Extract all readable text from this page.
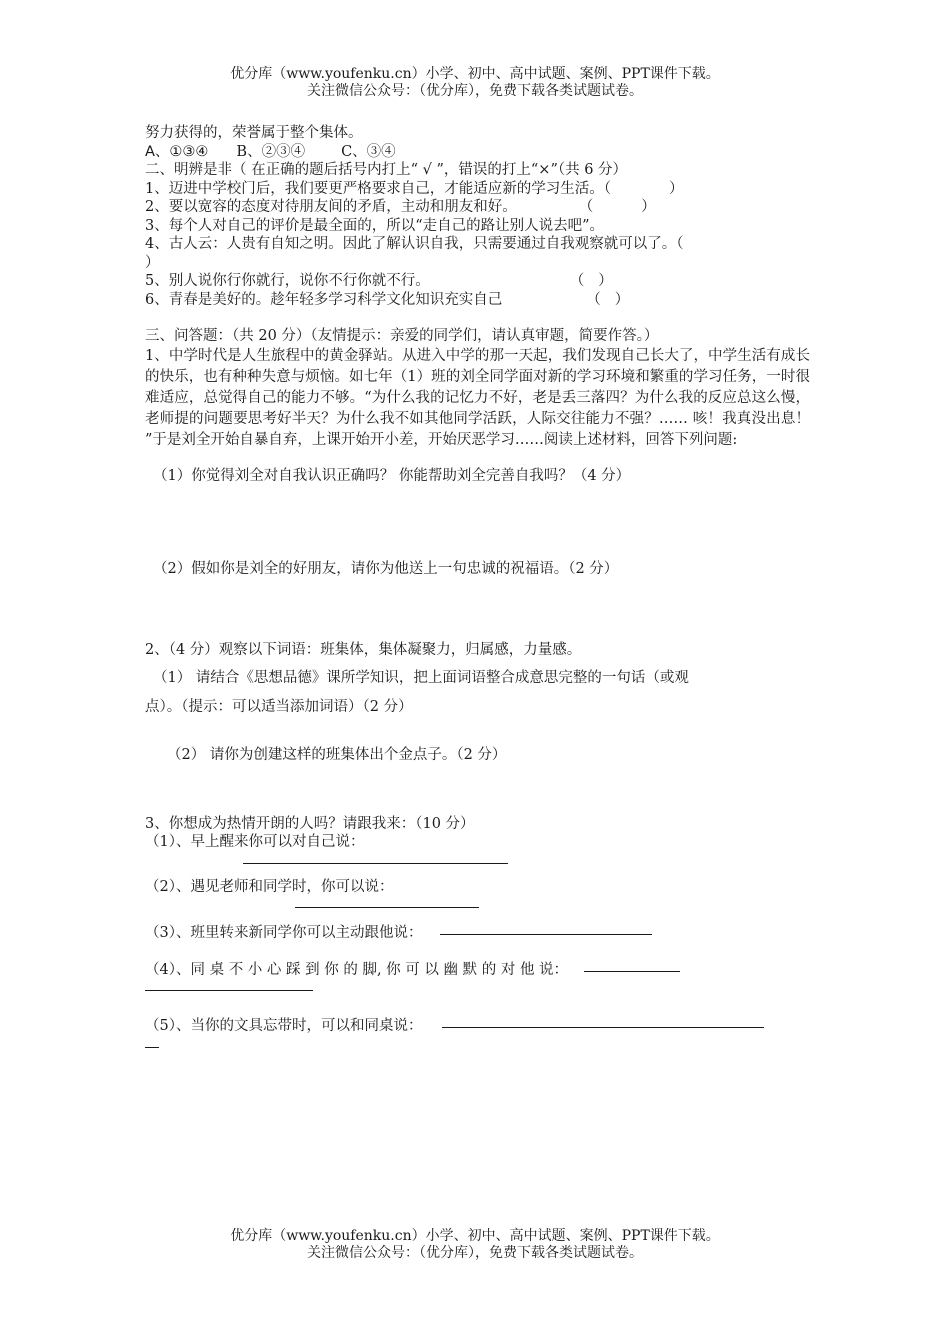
优分库（www.youfenku.cn）小学、初中、高中试题、案例、PPT课件下载。
关注微信公众号：（优分库），免费下载各类试题试卷。
努力获得的，荣誉属于整个集体。
A、①③④ B、②③④ C、③④
二、明辨是非（ 在正确的题后括号内打上“ √ ”，错误的打上“×”（共 6 分）
1、迈进中学校门后，我们要更严格要求自己，才能适应新的学习生活。（	）
2、要以宽容的态度对待朋友间的矛盾，主动和朋友和好。	（	）
3、每个人对自己的评价是最全面的，所以“走自己的路让别人说去吧”。
4、古人云：人贵有自知之明。因此了解认识自我，只需要通过自我观察就可以了。（
）
5、别人说你行你就行，说你不行你就不行。	（ ）
6、青春是美好的。趁年轻多学习科学文化知识充实自己	（ ）
三、问答题：（共 20 分）（友情提示：亲爱的同学们，请认真审题，简要作答。）
1、中学时代是人生旅程中的黄金驿站。从进入中学的那一天起，我们发现自己长大了，中学生活有成长的快乐，也有种种失意与烦恼。如七年（1）班的刘全同学面对新的学习环境和繁重的学习任务，一时很难适应，总觉得自己的能力不够。“为什么我的记忆力不好，老是丢三落四？为什么我的反应总这么慢，老师提的问题要思考好半天？为什么我不如其他同学活跃，人际交往能力不强？…… 咳！我真没出息！ ”于是刘全开始自暴自弃，上课开始开小差，开始厌恶学习……阅读上述材料，回答下列问题:
（1）你觉得刘全对自我认识正确吗？ 你能帮助刘全完善自我吗？（4 分）
（2）假如你是刘全的好朋友，请你为他送上一句忠诚的祝福语。（2 分）
2、（4 分）观察以下词语：班集体，集体凝聚力，归属感，力量感。
（1） 请结合《思想品德》课所学知识，把上面词语整合成意思完整的一句话（或观
点）。（提示：可以适当添加词语）（2 分）
（2） 请你为创建这样的班集体出个金点子。（2 分）
3、你想成为热情开朗的人吗？请跟我来：（10 分）
（1）、早上醒来你可以对自己说：
（2）、遇见老师和同学时，你可以说：
（3）、班里转来新同学你可以主动跟他说：
（4）、同 桌 不 小 心 踩 到 你 的 脚, 你 可 以 幽 默 的 对 他 说：
（5）、当你的文具忘带时，可以和同桌说：
优分库（www.youfenku.cn）小学、初中、高中试题、案例、PPT课件下载。
关注微信公众号：（优分库），免费下载各类试题试卷。
